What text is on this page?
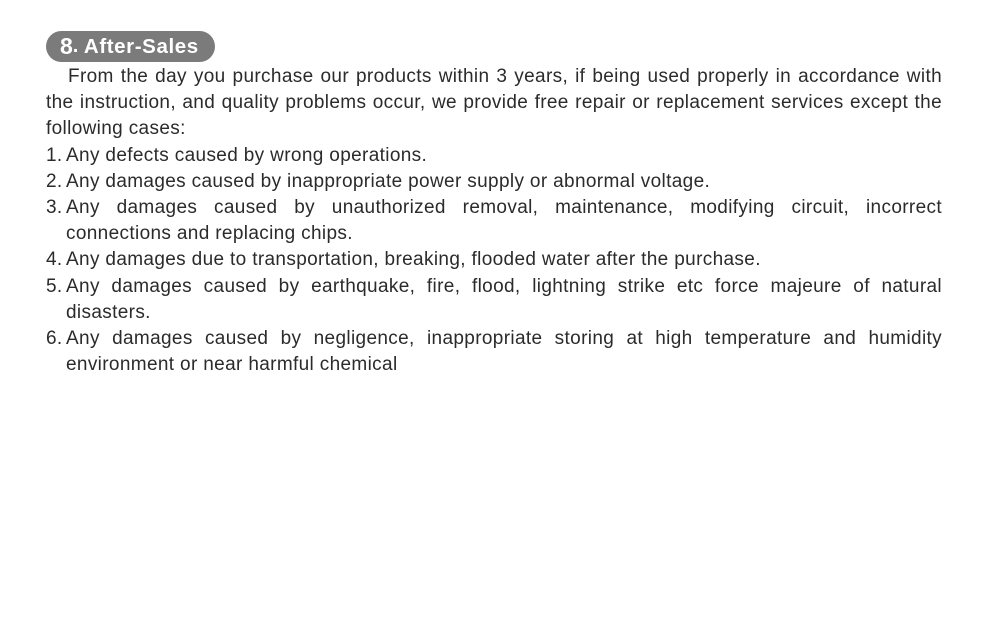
8 . After-Sales

From the day you purchase our products within 3 years, if being used properly in accordance with the instruction, and quality problems occur, we provide free repair or replacement services except the following cases:

1. Any defects caused by wrong operations.
2. Any damages caused by inappropriate power supply or abnormal voltage.
3. Any damages caused by unauthorized removal, maintenance, modifying circuit, incorrect connections and replacing chips.
4. Any damages due to transportation, breaking, flooded water after the purchase.
5. Any damages caused by earthquake, fire, flood, lightning strike etc force majeure of natural disasters.
6. Any damages caused by negligence, inappropriate storing at high temperature and humidity environment or near harmful chemical
